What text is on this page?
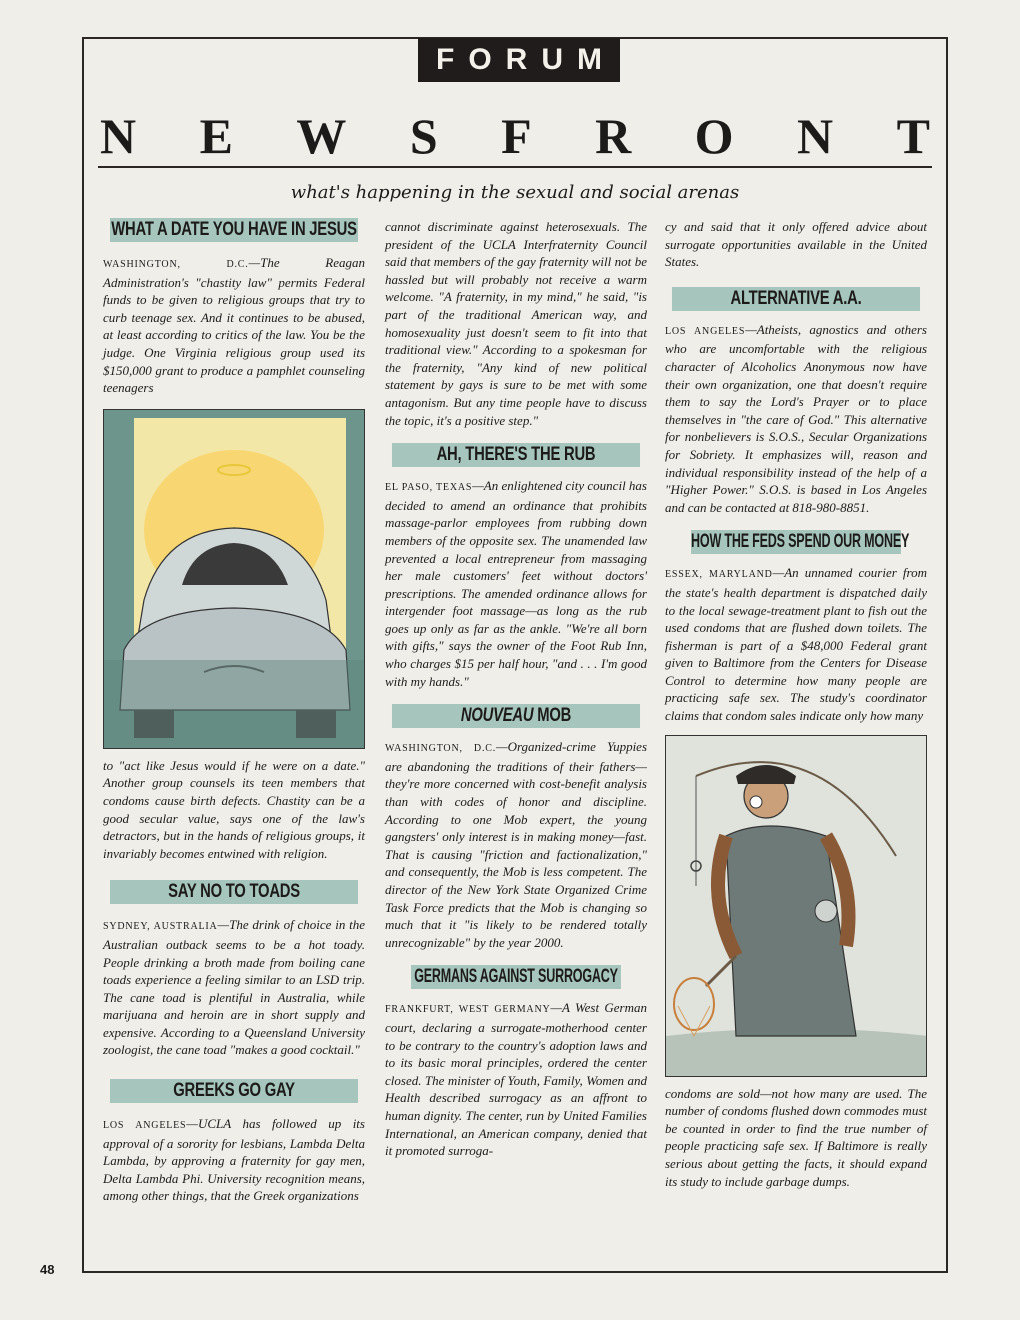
FORUM
N E W S F R O N T
what's happening in the sexual and social arenas
WHAT A DATE YOU HAVE IN JESUS

WASHINGTON, D.C.—The Reagan Administration's "chastity law" permits Federal funds to be given to religious groups that try to curb teenage sex. And it continues to be abused, at least according to critics of the law. You be the judge. One Virginia religious group used its $150,000 grant to produce a pamphlet counseling teenagers

to "act like Jesus would if he were on a date." Another group counsels its teen members that condoms cause birth defects. Chastity can be a good secular value, says one of the law's detractors, but in the hands of religious groups, it invariably becomes entwined with religion.

SAY NO TO TOADS

SYDNEY, AUSTRALIA—The drink of choice in the Australian outback seems to be a hot toady. People drinking a broth made from boiling cane toads experience a feeling similar to an LSD trip. The cane toad is plentiful in Australia, while marijuana and heroin are in short supply and expensive. According to a Queensland University zoologist, the cane toad "makes a good cocktail."

GREEKS GO GAY

LOS ANGELES—UCLA has followed up its approval of a sorority for lesbians, Lambda Delta Lambda, by approving a fraternity for gay men, Delta Lambda Phi. University recognition means, among other things, that the Greek organizations

cannot discriminate against heterosexuals. The president of the UCLA Interfraternity Council said that members of the gay fraternity will not be hassled but will probably not receive a warm welcome. "A fraternity, in my mind," he said, "is part of the traditional American way, and homosexuality just doesn't seem to fit into that traditional view." According to a spokesman for the fraternity, "Any kind of new political statement by gays is sure to be met with some antagonism. But any time people have to discuss the topic, it's a positive step."

AH, THERE'S THE RUB

EL PASO, TEXAS—An enlightened city council has decided to amend an ordinance that prohibits massage-parlor employees from rubbing down members of the opposite sex. The unamended law prevented a local entrepreneur from massaging her male customers' feet without doctors' prescriptions. The amended ordinance allows for intergender foot massage—as long as the rub goes up only as far as the ankle. "We're all born with gifts," says the owner of the Foot Rub Inn, who charges $15 per half hour, "and . . . I'm good with my hands."

NOUVEAU MOB

WASHINGTON, D.C.—Organized-crime Yuppies are abandoning the traditions of their fathers—they're more concerned with cost-benefit analysis than with codes of honor and discipline. According to one Mob expert, the young gangsters' only interest is in making money—fast. That is causing "friction and factionalization," and consequently, the Mob is less competent. The director of the New York State Organized Crime Task Force predicts that the Mob is changing so much that it "is likely to be rendered totally unrecognizable" by the year 2000.

GERMANS AGAINST SURROGACY

FRANKFURT, WEST GERMANY—A West German court, declaring a surrogate-motherhood center to be contrary to the country's adoption laws and to its basic moral principles, ordered the center closed. The minister of Youth, Family, Women and Health described surrogacy as an affront to human dignity. The center, run by United Families International, an American company, denied that it promoted surroga-

cy and said that it only offered advice about surrogate opportunities available in the United States.

ALTERNATIVE A.A.

LOS ANGELES—Atheists, agnostics and others who are uncomfortable with the religious character of Alcoholics Anonymous now have their own organization, one that doesn't require them to say the Lord's Prayer or to place themselves in "the care of God." This alternative for nonbelievers is S.O.S., Secular Organizations for Sobriety. It emphasizes will, reason and individual responsibility instead of the help of a "Higher Power." S.O.S. is based in Los Angeles and can be contacted at 818-980-8851.

HOW THE FEDS SPEND OUR MONEY

ESSEX, MARYLAND—An unnamed courier from the state's health department is dispatched daily to the local sewage-treatment plant to fish out the used condoms that are flushed down toilets. The fisherman is part of a $48,000 Federal grant given to Baltimore from the Centers for Disease Control to determine how many people are practicing safe sex. The study's coordinator claims that condom sales indicate only how many

condoms are sold—not how many are used. The number of condoms flushed down commodes must be counted in order to find the true number of people practicing safe sex. If Baltimore is really serious about getting the facts, it should expand its study to include garbage dumps.

48
